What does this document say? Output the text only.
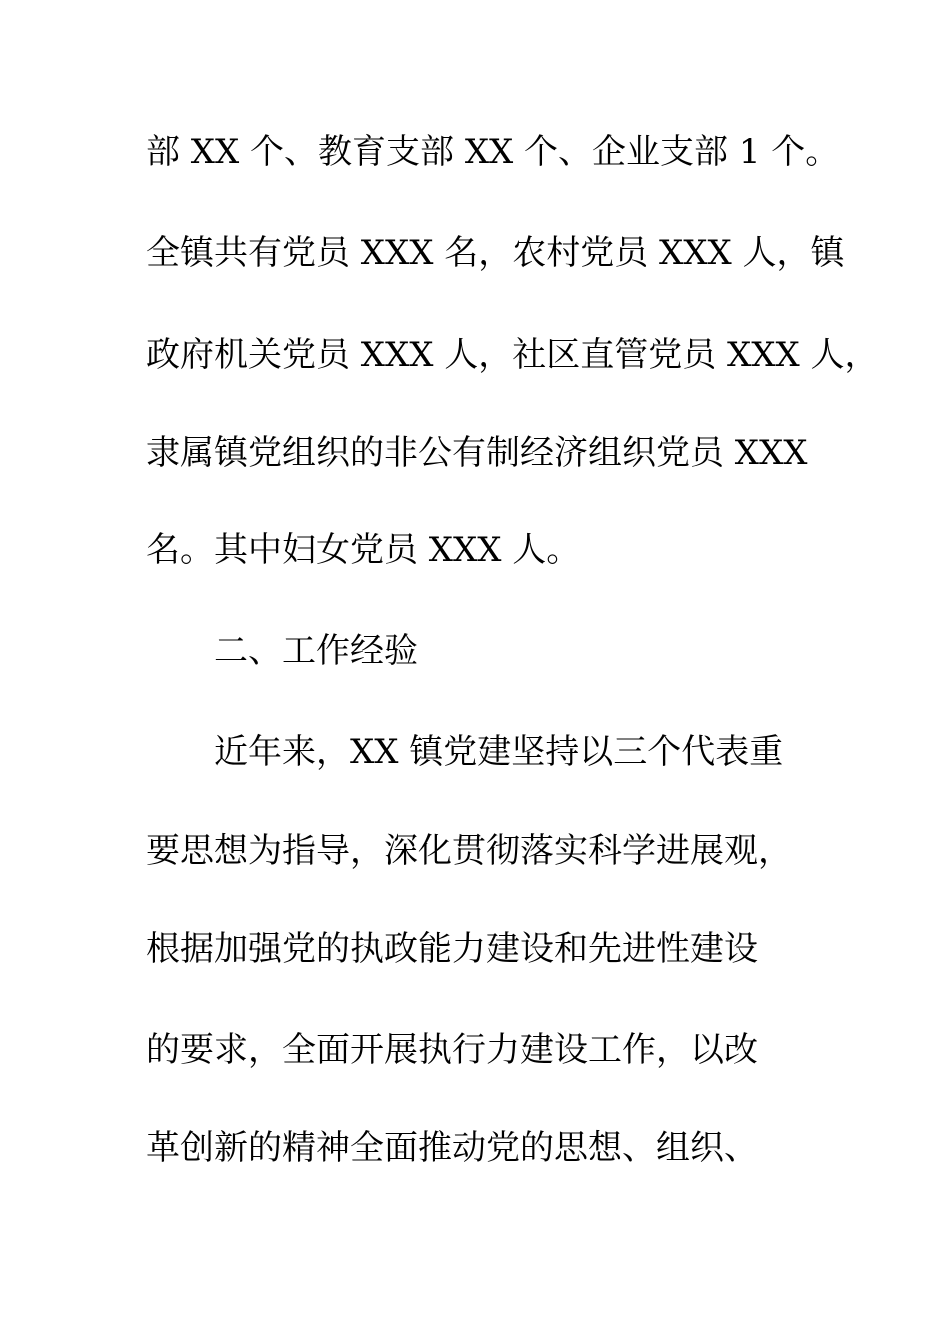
部 XX 个、教育支部 XX 个、企业支部 1 个。
全镇共有党员 XXX 名，农村党员 XXX 人，镇
政府机关党员 XXX 人，社区直管党员 XXX 人，
隶属镇党组织的非公有制经济组织党员 XXX
名。其中妇女党员 XXX 人。
二、工作经验
近年来，XX 镇党建坚持以三个代表重
要思想为指导，深化贯彻落实科学进展观，
根据加强党的执政能力建设和先进性建设
的要求，全面开展执行力建设工作，以改
革创新的精神全面推动党的思想、组织、
